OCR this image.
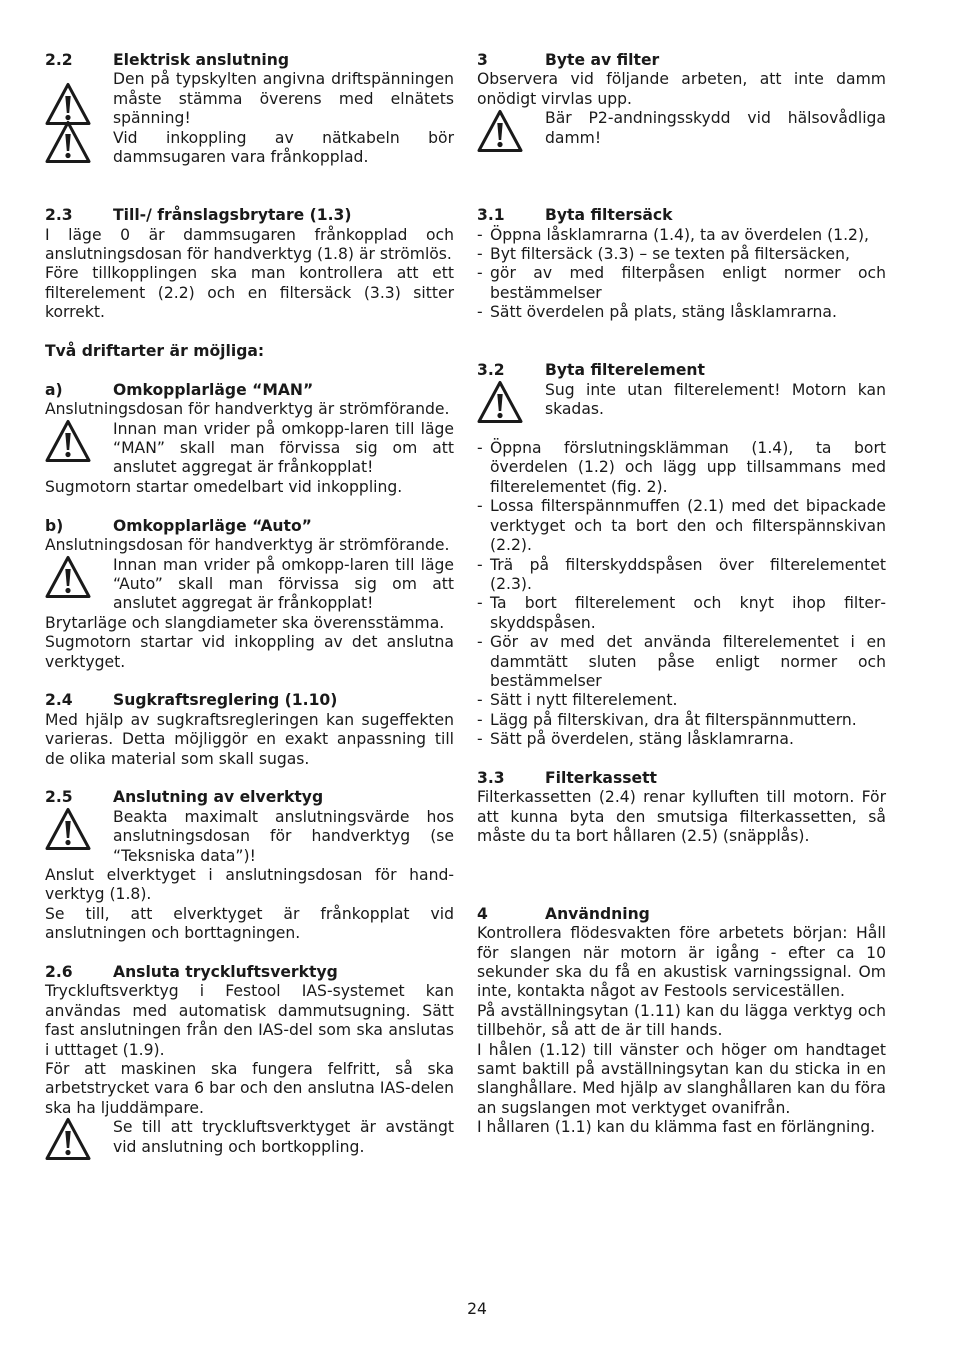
2.2	Elektrisk anslutning
Den på typskylten angivna driftspänningen måste stämma överens med elnätets spänning!
Vid inkoppling av nätkabeln bör dammsugaren vara frånkopplad.
2.3	Till-/ frånslagsbrytare (1.3)
I läge 0 är dammsugaren frånkopplad och anslutningsdosan för handverktyg (1.8) är strömlös.
Före tillkopplingen ska man kontrollera att ett filterelement (2.2) och en filtersäck (3.3) sitter korrekt.
Två driftarter är möjliga:
a)	Omkopplarläge “MAN”
Anslutningsdosan för handverktyg är strömförande.
Innan man vrider på omkopp-laren till läge “MAN” skall man förvissa sig om att anslutet aggregat är frånkopplat!
Sugmotorn startar omedelbart vid inkoppling.
b)	Omkopplarläge “Auto”
Anslutningsdosan för handverktyg är strömförande.
Innan man vrider på omkopp-laren till läge “Auto” skall man förvissa sig om att anslutet aggregat är frånkopplat!
Brytarläge och slangdiameter ska överensstämma.
Sugmotorn startar vid inkoppling av det anslutna verktyget.
2.4	Sugkraftsreglering (1.10)
Med hjälp av sugkraftsregleringen kan sugeffekten varieras. Detta möjliggör en exakt anpassning till de olika material som skall sugas.
2.5	Anslutning av elverktyg
Beakta maximalt anslutningsvärde hos anslutningsdosan för handverktyg (se “Teksniska data”)!
Anslut elverktyget i anslutningsdosan för handverktyg (1.8).
Se till, att elverktyget är frånkopplat vid anslutningen och borttagningen.
2.6	Ansluta tryckluftsverktyg
Tryckluftsverktyg i Festool IAS-systemet kan användas med automatisk dammutsugning. Sätt fast anslutningen från den IAS-del som ska anslutas i utttaget (1.9).
För att maskinen ska fungera felfritt, så ska arbetstrycket vara 6 bar och den anslutna IAS-delen ska ha ljuddämpare.
Se till att tryckluftsverktyget är avstängt vid anslutning och bortkoppling.
3	Byte av filter
Observera vid följande arbeten, att inte damm onödigt virvlas upp.
Bär P2-andningsskydd vid hälsovådliga damm!
3.1	Byta filtersäck
- Öppna låsklamrarna (1.4), ta av överdelen (1.2),
- Byt filtersäck (3.3) – se texten på filtersäcken,
- gör av med filterpåsen enligt normer och bestämmelser
- Sätt överdelen på plats, stäng låsklamrarna.
3.2	Byta filterelement
Sug inte utan filterelement! Motorn kan skadas.
- Öppna förslutningsklämman (1.4), ta bort överdelen (1.2) och lägg upp tillsammans med filterelementet (fig. 2).
- Lossa filterspännmuffen (2.1) med det bipackade verktyget och ta bort den och filterspännskivan (2.2).
- Trä på filterskyddspåsen över filterelementet (2.3).
- Ta bort filterelement och knyt ihop filterskyddspåsen.
- Gör av med det använda filterelementet i en dammtätt sluten påse enligt normer och bestämmelser
- Sätt i nytt filterelement.
- Lägg på filterskivan, dra åt filterspännmuttern.
- Sätt på överdelen, stäng låsklamrarna.
3.3	Filterkassett
Filterkassetten (2.4) renar kylluften till motorn. För att kunna byta den smutsiga filterkassetten, så måste du ta bort hållaren (2.5) (snäpplås).
4	Användning
Kontrollera flödesvakten före arbetets början: Håll för slangen när motorn är igång - efter ca 10 sekunder ska du få en akustisk varningssignal. Om inte, kontakta något av Festools serviceställen.
På avställningsytan (1.11) kan du lägga verktyg och tillbehör, så att de är till hands.
I hålen (1.12) till vänster och höger om handtaget samt baktill på avställningsytan kan du sticka in en slanghållare. Med hjälp av slanghållaren kan du föra an sugslangen mot verktyget ovanifrån.
I hållaren (1.1) kan du klämma fast en förlängning.
24
